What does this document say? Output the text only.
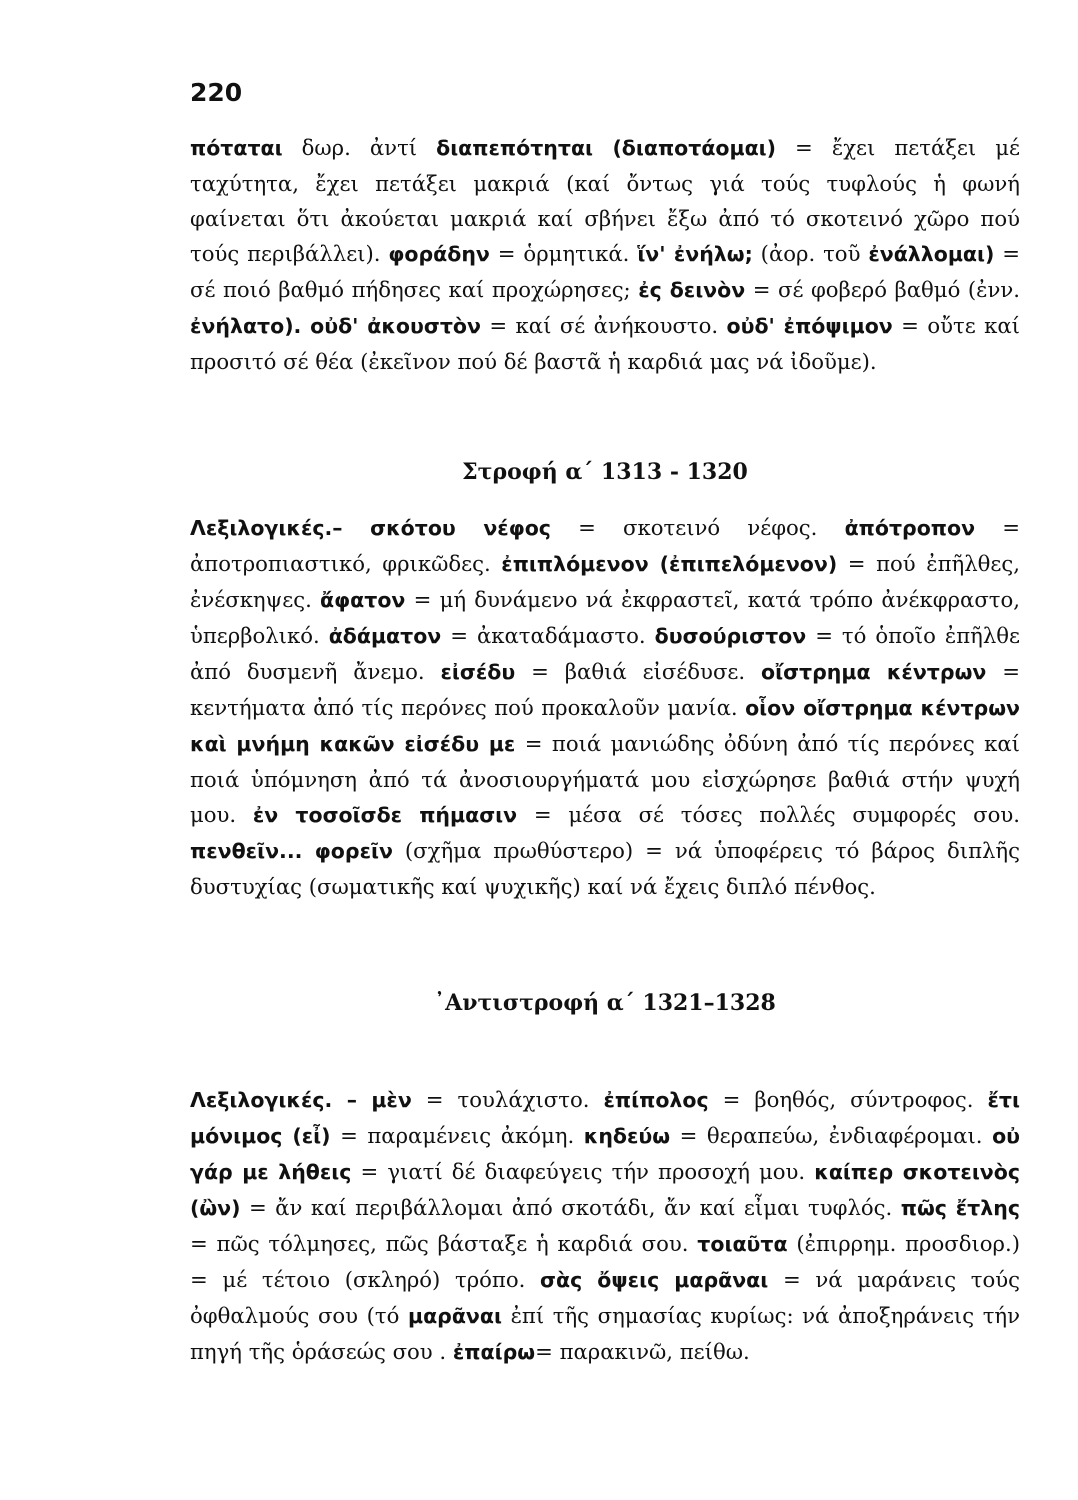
220

πόταται δωρ. ἀντί διαπεπότηται (διαποτάομαι) = ἔχει πετάξει μέ ταχύτητα, ἔχει πετάξει μακριά (καί ὄντως γιά τούς τυφλούς ἡ φωνή φαίνεται ὅτι ἀκούεται μακριά καί σβήνει ἔξω ἀπό τό σκοτεινό χῶρο πού τούς περιβάλλει). φοράδην = ὁρμητικά. ἵν' ἐνήλω; (ἀορ. τοῦ ἐνάλλομαι) = σέ ποιό βαθμό πήδησες καί προχώρησες; ἐς δεινὸν = σέ φοβερό βαθμό (ἐνν. ἐνήλατο). οὐδ' ἀκουστὸν = καί σέ ἀνήκουστο. οὐδ' ἐπόψιμον = οὔτε καί προσιτό σέ θέα (ἐκεῖνον πού δέ βαστᾶ ἡ καρδιά μας νά ἰδοῦμε).

Στροφή α΄ 1313 - 1320

Λεξιλογικές.– σκότου νέφος = σκοτεινό νέφος. ἀπότροπον = ἀποτροπιαστικό, φρικῶδες. ἐπιπλόμενον (ἐπιπελόμενον) = πού ἐπῆλθες, ἐνέσκηψες. ἄφατον = μή δυνάμενο νά ἐκφραστεῖ, κατά τρόπο ἀνέκφραστο, ὑπερβολικό. ἀδάματον = ἀκαταδάμαστο. δυσούριστον = τό ὁποῖο ἐπῆλθε ἀπό δυσμενῆ ἄνεμο. εἰσέδυ = βαθιά εἰσέδυσε. οἴστρημα κέντρων = κεντήματα ἀπό τίς περόνες πού προκαλοῦν μανία. οἷον οἴστρημα κέντρων καὶ μνήμη κακῶν εἰσέδυ με = ποιά μανιώδης ὀδύνη ἀπό τίς περόνες καί ποιά ὑπόμνηση ἀπό τά ἀνοσιουργήματά μου εἰσχώρησε βαθιά στήν ψυχή μου. ἐν τοσοῖσδε πήμασιν = μέσα σέ τόσες πολλές συμφορές σου. πενθεῖν... φορεῖν (σχῆμα πρωθύστερο) = νά ὑποφέρεις τό βάρος διπλῆς δυστυχίας (σωματικῆς καί ψυχικῆς) καί νά ἔχεις διπλό πένθος.

᾿Αντιστροφή α΄ 1321–1328

Λεξιλογικές. – μὲν = τουλάχιστο. ἐπίπολος = βοηθός, σύντροφος. ἔτι μόνιμος (εἶ) = παραμένεις ἀκόμη. κηδεύω = θεραπεύω, ἐνδιαφέρομαι. οὐ γάρ με λήθεις = γιατί δέ διαφεύγεις τήν προσοχή μου. καίπερ σκοτεινὸς (ὢν) = ἄν καί περιβάλλομαι ἀπό σκοτάδι, ἄν καί εἶμαι τυφλός. πῶς ἔτλης = πῶς τόλμησες, πῶς βάσταξε ἡ καρδιά σου. τοιαῦτα (ἐπιρρημ. προσδιορ.) = μέ τέτοιο (σκληρό) τρόπο. σὰς ὄψεις μαρᾶναι = νά μαράνεις τούς ὀφθαλμούς σου (τό μαρᾶναι ἐπί τῆς σημασίας κυρίως: νά ἀποξηράνεις τήν πηγή τῆς ὁράσεώς σου . ἐπαίρω= παρακινῶ, πείθω.
